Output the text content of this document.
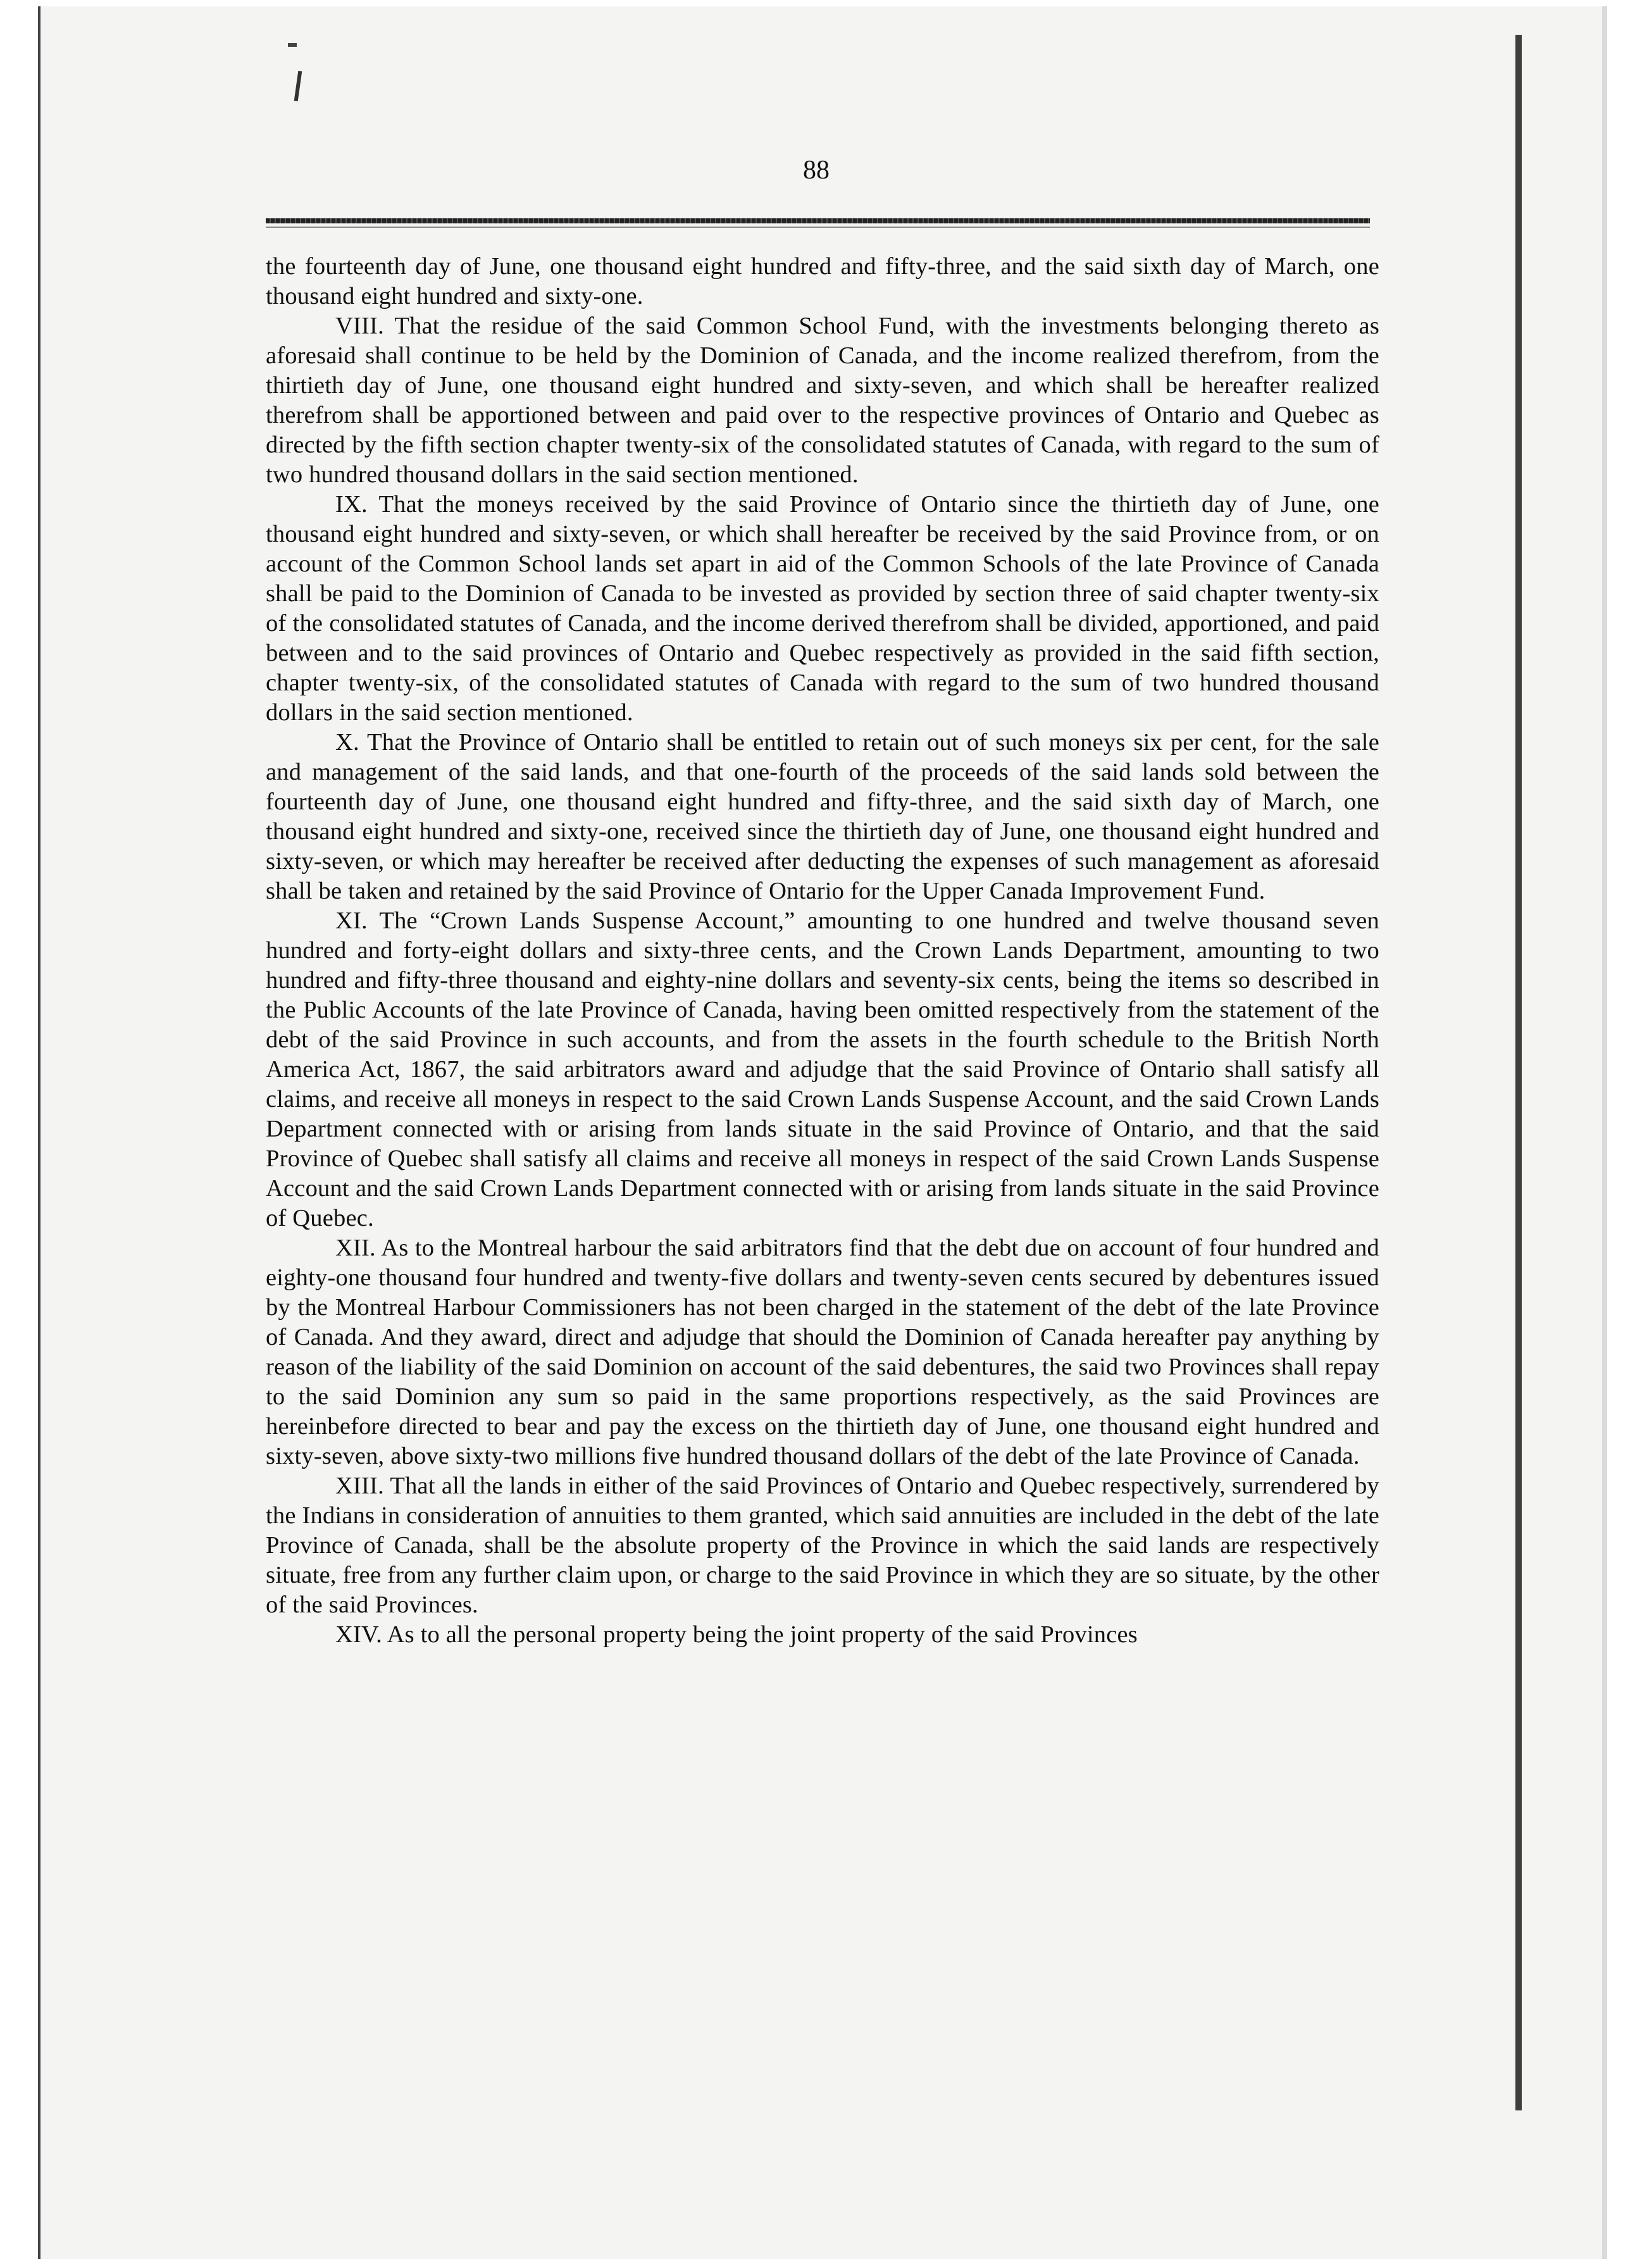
88

the fourteenth day of June, one thousand eight hundred and fifty-three, and the said sixth day of March, one thousand eight hundred and sixty-one.

VIII. That the residue of the said Common School Fund, with the investments belonging thereto as aforesaid shall continue to be held by the Dominion of Canada, and the income realized therefrom, from the thirtieth day of June, one thousand eight hundred and sixty-seven, and which shall be hereafter realized therefrom shall be apportioned between and paid over to the respective provinces of Ontario and Quebec as directed by the fifth section chapter twenty-six of the consolidated statutes of Canada, with regard to the sum of two hundred thousand dollars in the said section mentioned.

IX. That the moneys received by the said Province of Ontario since the thirtieth day of June, one thousand eight hundred and sixty-seven, or which shall hereafter be received by the said Province from, or on account of the Common School lands set apart in aid of the Common Schools of the late Province of Canada shall be paid to the Dominion of Canada to be invested as provided by section three of said chapter twenty-six of the consolidated statutes of Canada, and the income derived therefrom shall be divided, apportioned, and paid between and to the said provinces of Ontario and Quebec respectively as provided in the said fifth section, chapter twenty-six, of the consolidated statutes of Canada with regard to the sum of two hundred thousand dollars in the said section mentioned.

X. That the Province of Ontario shall be entitled to retain out of such moneys six per cent, for the sale and management of the said lands, and that one-fourth of the proceeds of the said lands sold between the fourteenth day of June, one thousand eight hundred and fifty-three, and the said sixth day of March, one thousand eight hundred and sixty-one, received since the thirtieth day of June, one thousand eight hundred and sixty-seven, or which may hereafter be received after deducting the expenses of such management as aforesaid shall be taken and retained by the said Province of Ontario for the Upper Canada Improvement Fund.

XI. The “Crown Lands Suspense Account,” amounting to one hundred and twelve thousand seven hundred and forty-eight dollars and sixty-three cents, and the Crown Lands Department, amounting to two hundred and fifty-three thousand and eighty-nine dollars and seventy-six cents, being the items so described in the Public Accounts of the late Province of Canada, having been omitted respectively from the statement of the debt of the said Province in such accounts, and from the assets in the fourth schedule to the British North America Act, 1867, the said arbitrators award and adjudge that the said Province of Ontario shall satisfy all claims, and receive all moneys in respect to the said Crown Lands Suspense Account, and the said Crown Lands Department connected with or arising from lands situate in the said Province of Ontario, and that the said Province of Quebec shall satisfy all claims and receive all moneys in respect of the said Crown Lands Suspense Account and the said Crown Lands Department connected with or arising from lands situate in the said Province of Quebec.

XII. As to the Montreal harbour the said arbitrators find that the debt due on account of four hundred and eighty-one thousand four hundred and twenty-five dollars and twenty-seven cents secured by debentures issued by the Montreal Harbour Commissioners has not been charged in the statement of the debt of the late Province of Canada. And they award, direct and adjudge that should the Dominion of Canada hereafter pay anything by reason of the liability of the said Dominion on account of the said debentures, the said two Provinces shall repay to the said Dominion any sum so paid in the same proportions respectively, as the said Provinces are hereinbefore directed to bear and pay the excess on the thirtieth day of June, one thousand eight hundred and sixty-seven, above sixty-two millions five hundred thousand dollars of the debt of the late Province of Canada.

XIII. That all the lands in either of the said Provinces of Ontario and Quebec respectively, surrendered by the Indians in consideration of annuities to them granted, which said annuities are included in the debt of the late Province of Canada, shall be the absolute property of the Province in which the said lands are respectively situate, free from any further claim upon, or charge to the said Province in which they are so situate, by the other of the said Provinces.

XIV. As to all the personal property being the joint property of the said Provinces
